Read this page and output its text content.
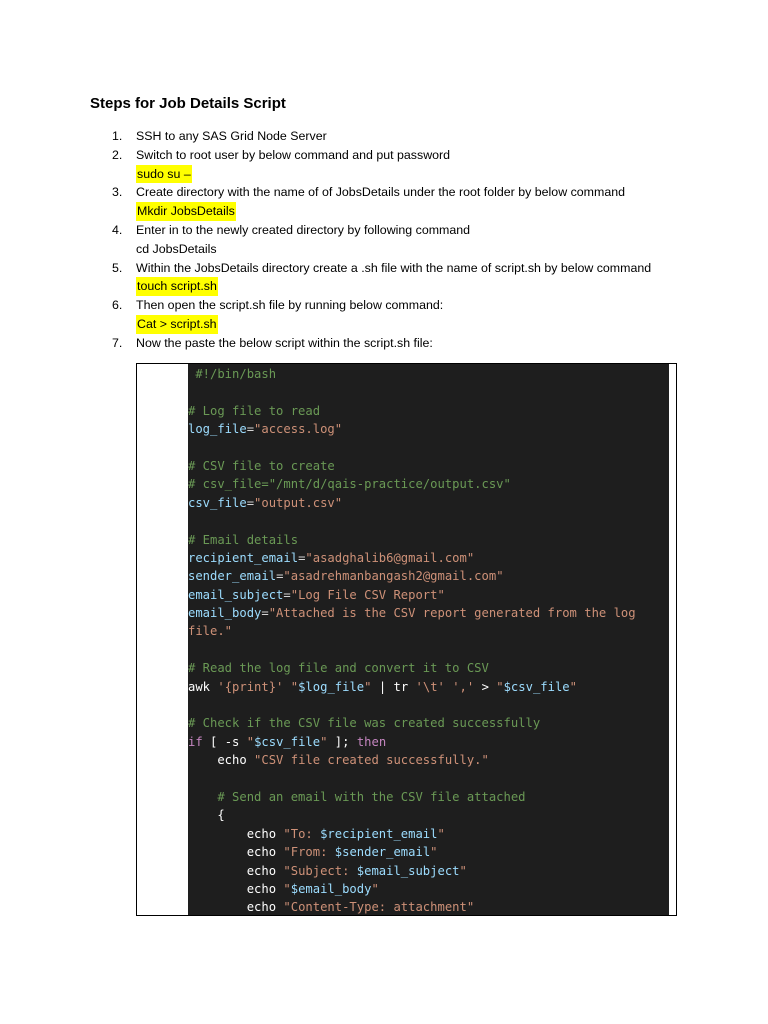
Steps for Job Details Script
1. SSH to any SAS Grid Node Server
2. Switch to root user by below command and put password
sudo su –
3. Create directory with the name of of JobsDetails under the root folder by below command
Mkdir JobsDetails
4. Enter in to the newly created directory by following command
cd JobsDetails
5. Within the JobsDetails directory create a .sh file with the name of script.sh by below command
touch script.sh
6. Then open the script.sh file by running below command:
Cat > script.sh
7. Now the paste the below script within the script.sh file:
#!/bin/bash
# Log file to read
log_file="access.log"
# CSV file to create
# csv_file="/mnt/d/qais-practice/output.csv"
csv_file="output.csv"
# Email details
recipient_email="asadghalib6@gmail.com"
sender_email="asadrehmanbangash2@gmail.com"
email_subject="Log File CSV Report"
email_body="Attached is the CSV report generated from the log
file."
# Read the log file and convert it to CSV
awk '{print}' "$log_file" | tr '\t' ',' > "$csv_file"
# Check if the CSV file was created successfully
if [ -s "$csv_file" ]; then
echo "CSV file created successfully."
# Send an email with the CSV file attached
{
echo "To: $recipient_email"
echo "From: $sender_email"
echo "Subject: $email_subject"
echo "$email_body"
echo "Content-Type: attachment"
